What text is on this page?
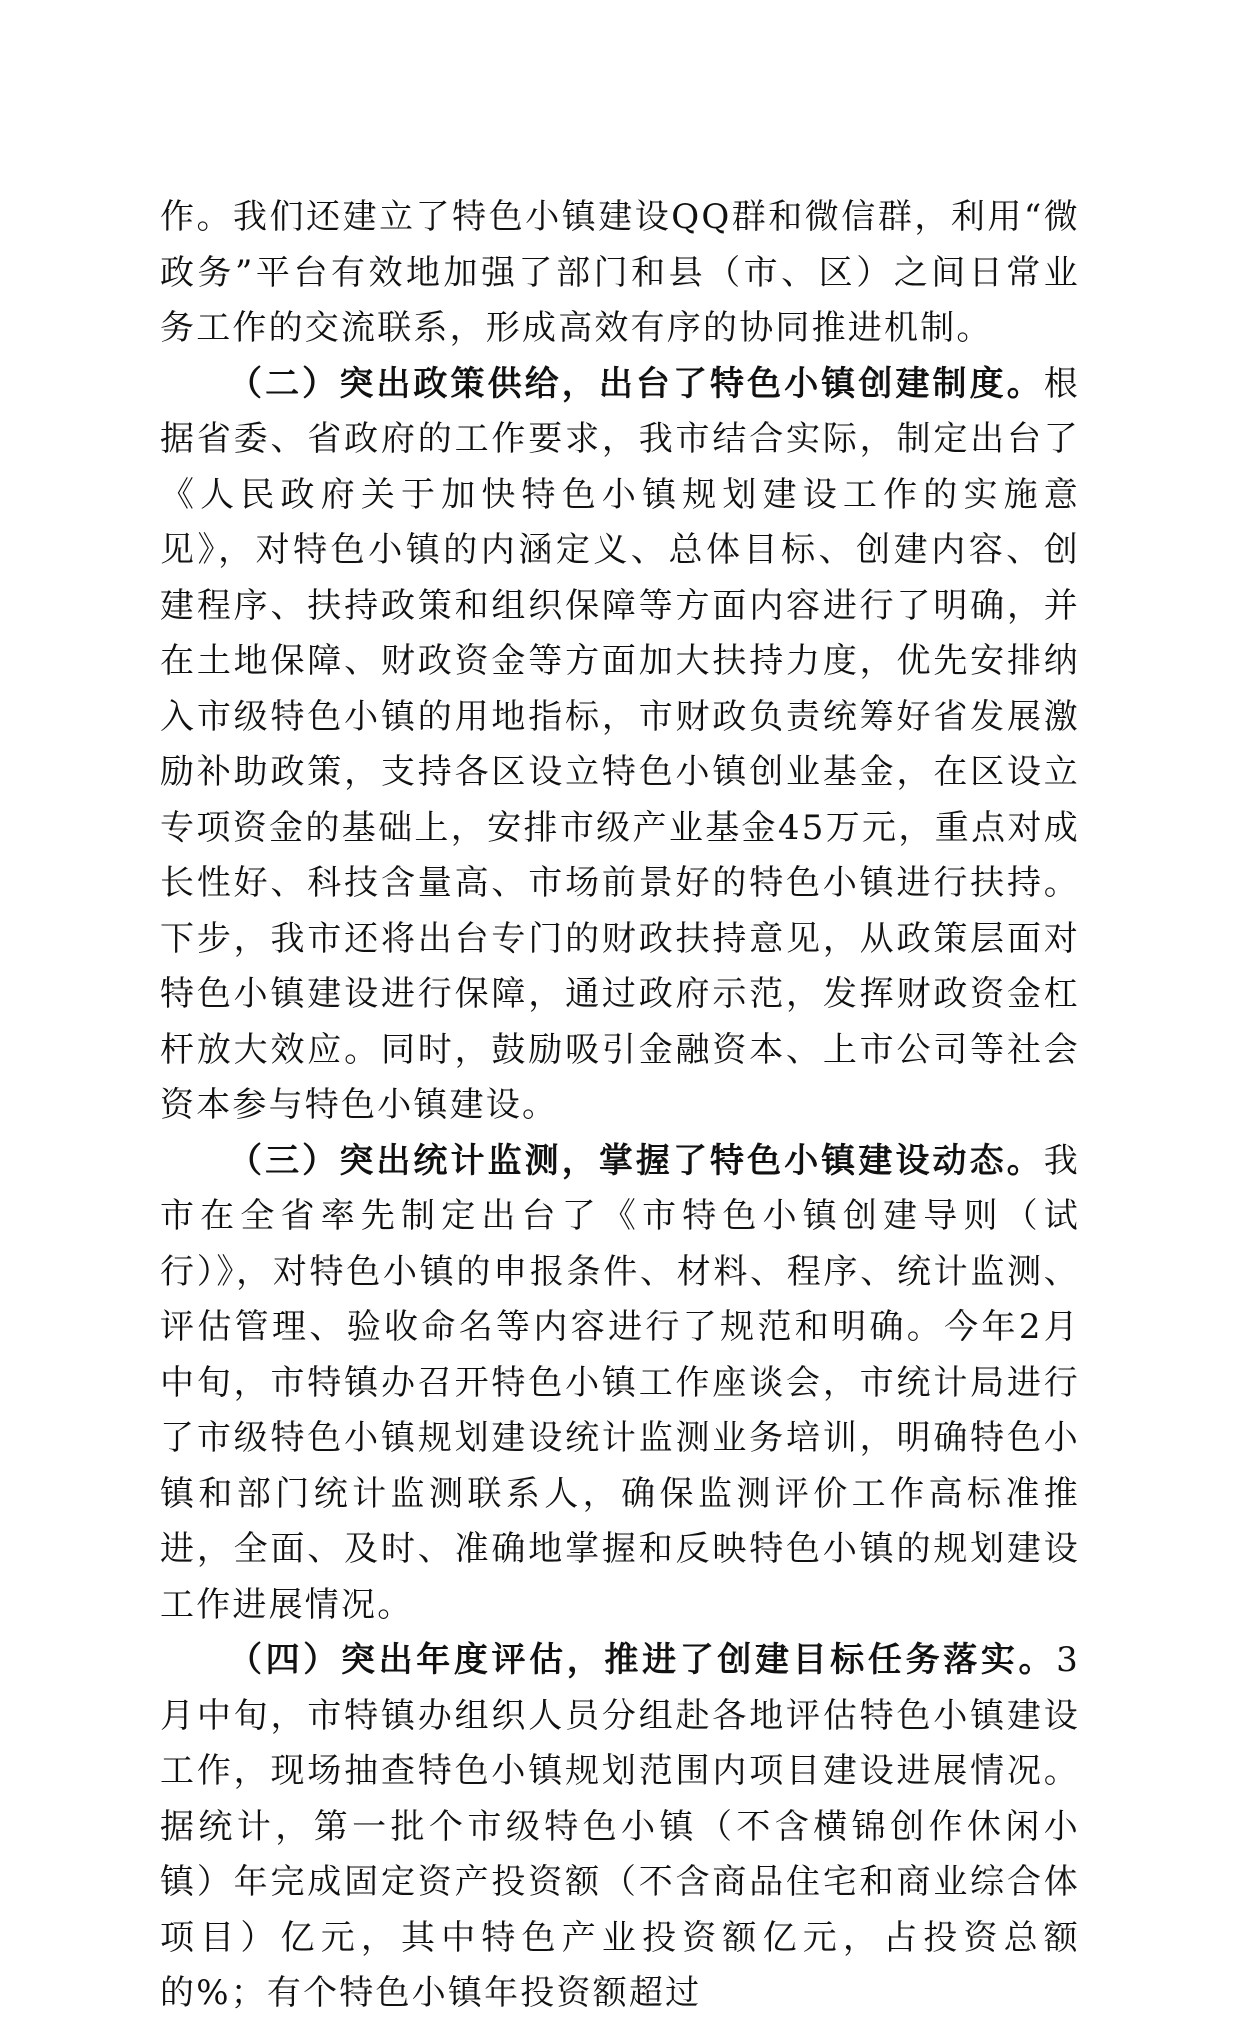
作。我们还建立了特色小镇建设QQ群和微信群，利用“微政务”平台有效地加强了部门和县（市、区）之间日常业务工作的交流联系，形成高效有序的协同推进机制。

（二）突出政策供给，出台了特色小镇创建制度。根据省委、省政府的工作要求，我市结合实际，制定出台了《人民政府关于加快特色小镇规划建设工作的实施意见》，对特色小镇的内涵定义、总体目标、创建内容、创建程序、扶持政策和组织保障等方面内容进行了明确，并在土地保障、财政资金等方面加大扶持力度，优先安排纳入市级特色小镇的用地指标，市财政负责统筹好省发展激励补助政策，支持各区设立特色小镇创业基金，在区设立专项资金的基础上，安排市级产业基金45万元，重点对成长性好、科技含量高、市场前景好的特色小镇进行扶持。下步，我市还将出台专门的财政扶持意见，从政策层面对特色小镇建设进行保障，通过政府示范，发挥财政资金杠杆放大效应。同时，鼓励吸引金融资本、上市公司等社会资本参与特色小镇建设。

（三）突出统计监测，掌握了特色小镇建设动态。我市在全省率先制定出台了《市特色小镇创建导则（试行）》，对特色小镇的申报条件、材料、程序、统计监测、评估管理、验收命名等内容进行了规范和明确。今年2月中旬，市特镇办召开特色小镇工作座谈会，市统计局进行了市级特色小镇规划建设统计监测业务培训，明确特色小镇和部门统计监测联系人，确保监测评价工作高标准推进，全面、及时、准确地掌握和反映特色小镇的规划建设工作进展情况。

（四）突出年度评估，推进了创建目标任务落实。3月中旬，市特镇办组织人员分组赴各地评估特色小镇建设工作，现场抽查特色小镇规划范围内项目建设进展情况。据统计，第一批个市级特色小镇（不含横锦创作休闲小镇）年完成固定资产投资额（不含商品住宅和商业综合体项目）亿元，其中特色产业投资额亿元，占投资总额的%；有个特色小镇年投资额超过
